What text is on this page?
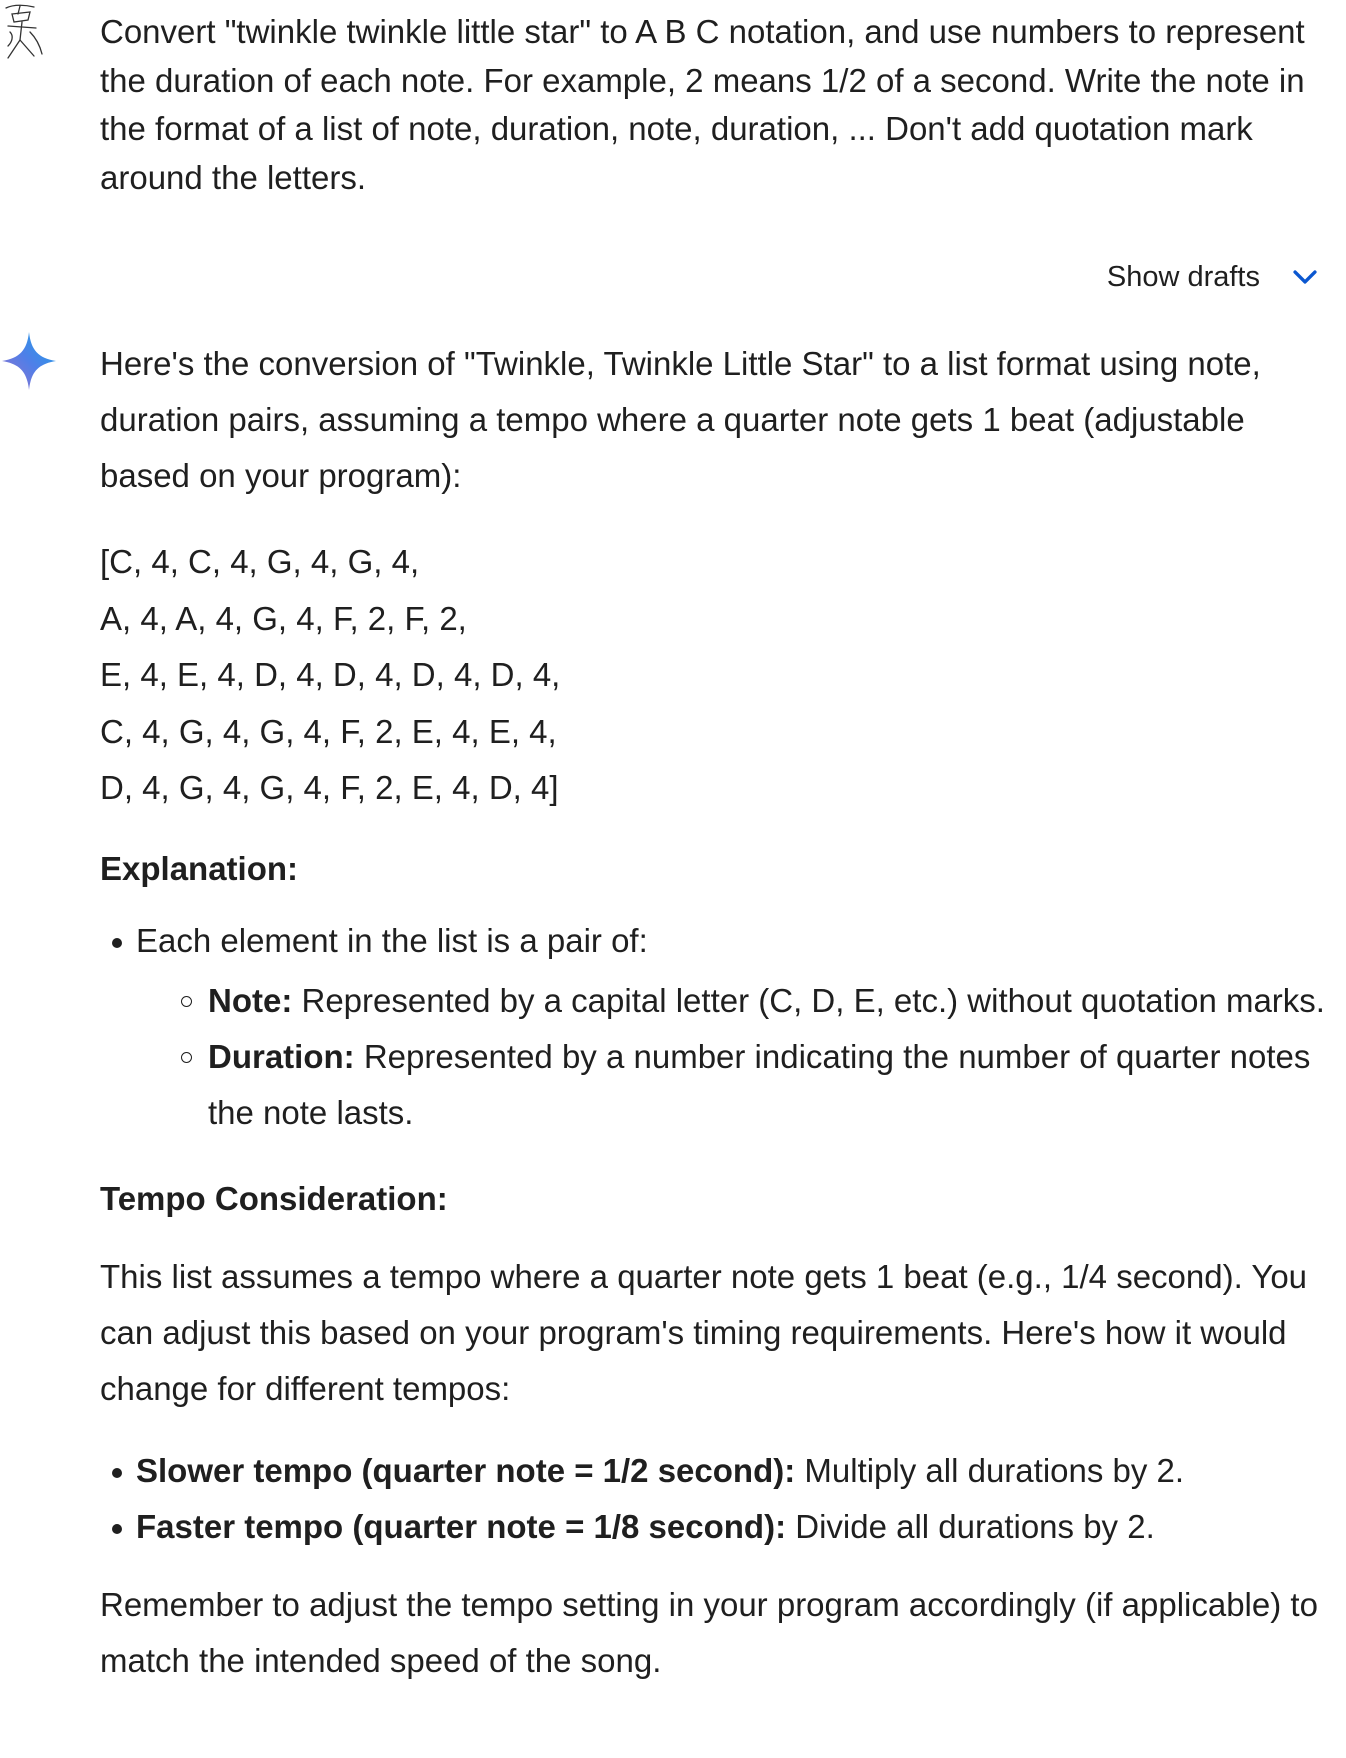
Convert "twinkle twinkle little star" to A B C notation, and use numbers to represent the duration of each note. For example, 2 means 1/2 of a second. Write the note in the format of a list of note, duration, note, duration, ... Don't add quotation mark around the letters.

Show drafts

Here's the conversion of "Twinkle, Twinkle Little Star" to a list format using note, duration pairs, assuming a tempo where a quarter note gets 1 beat (adjustable based on your program):

[C, 4, C, 4, G, 4, G, 4,
A, 4, A, 4, G, 4, F, 2, F, 2,
E, 4, E, 4, D, 4, D, 4, D, 4, D, 4,
C, 4, G, 4, G, 4, F, 2, E, 4, E, 4,
D, 4, G, 4, G, 4, F, 2, E, 4, D, 4]
Explanation:
Each element in the list is a pair of:
Note: Represented by a capital letter (C, D, E, etc.) without quotation marks.
Duration: Represented by a number indicating the number of quarter notes the note lasts.
Tempo Consideration:

This list assumes a tempo where a quarter note gets 1 beat (e.g., 1/4 second). You can adjust this based on your program's timing requirements. Here's how it would change for different tempos:

Slower tempo (quarter note = 1/2 second): Multiply all durations by 2.
Faster tempo (quarter note = 1/8 second): Divide all durations by 2.

Remember to adjust the tempo setting in your program accordingly (if applicable) to match the intended speed of the song.
